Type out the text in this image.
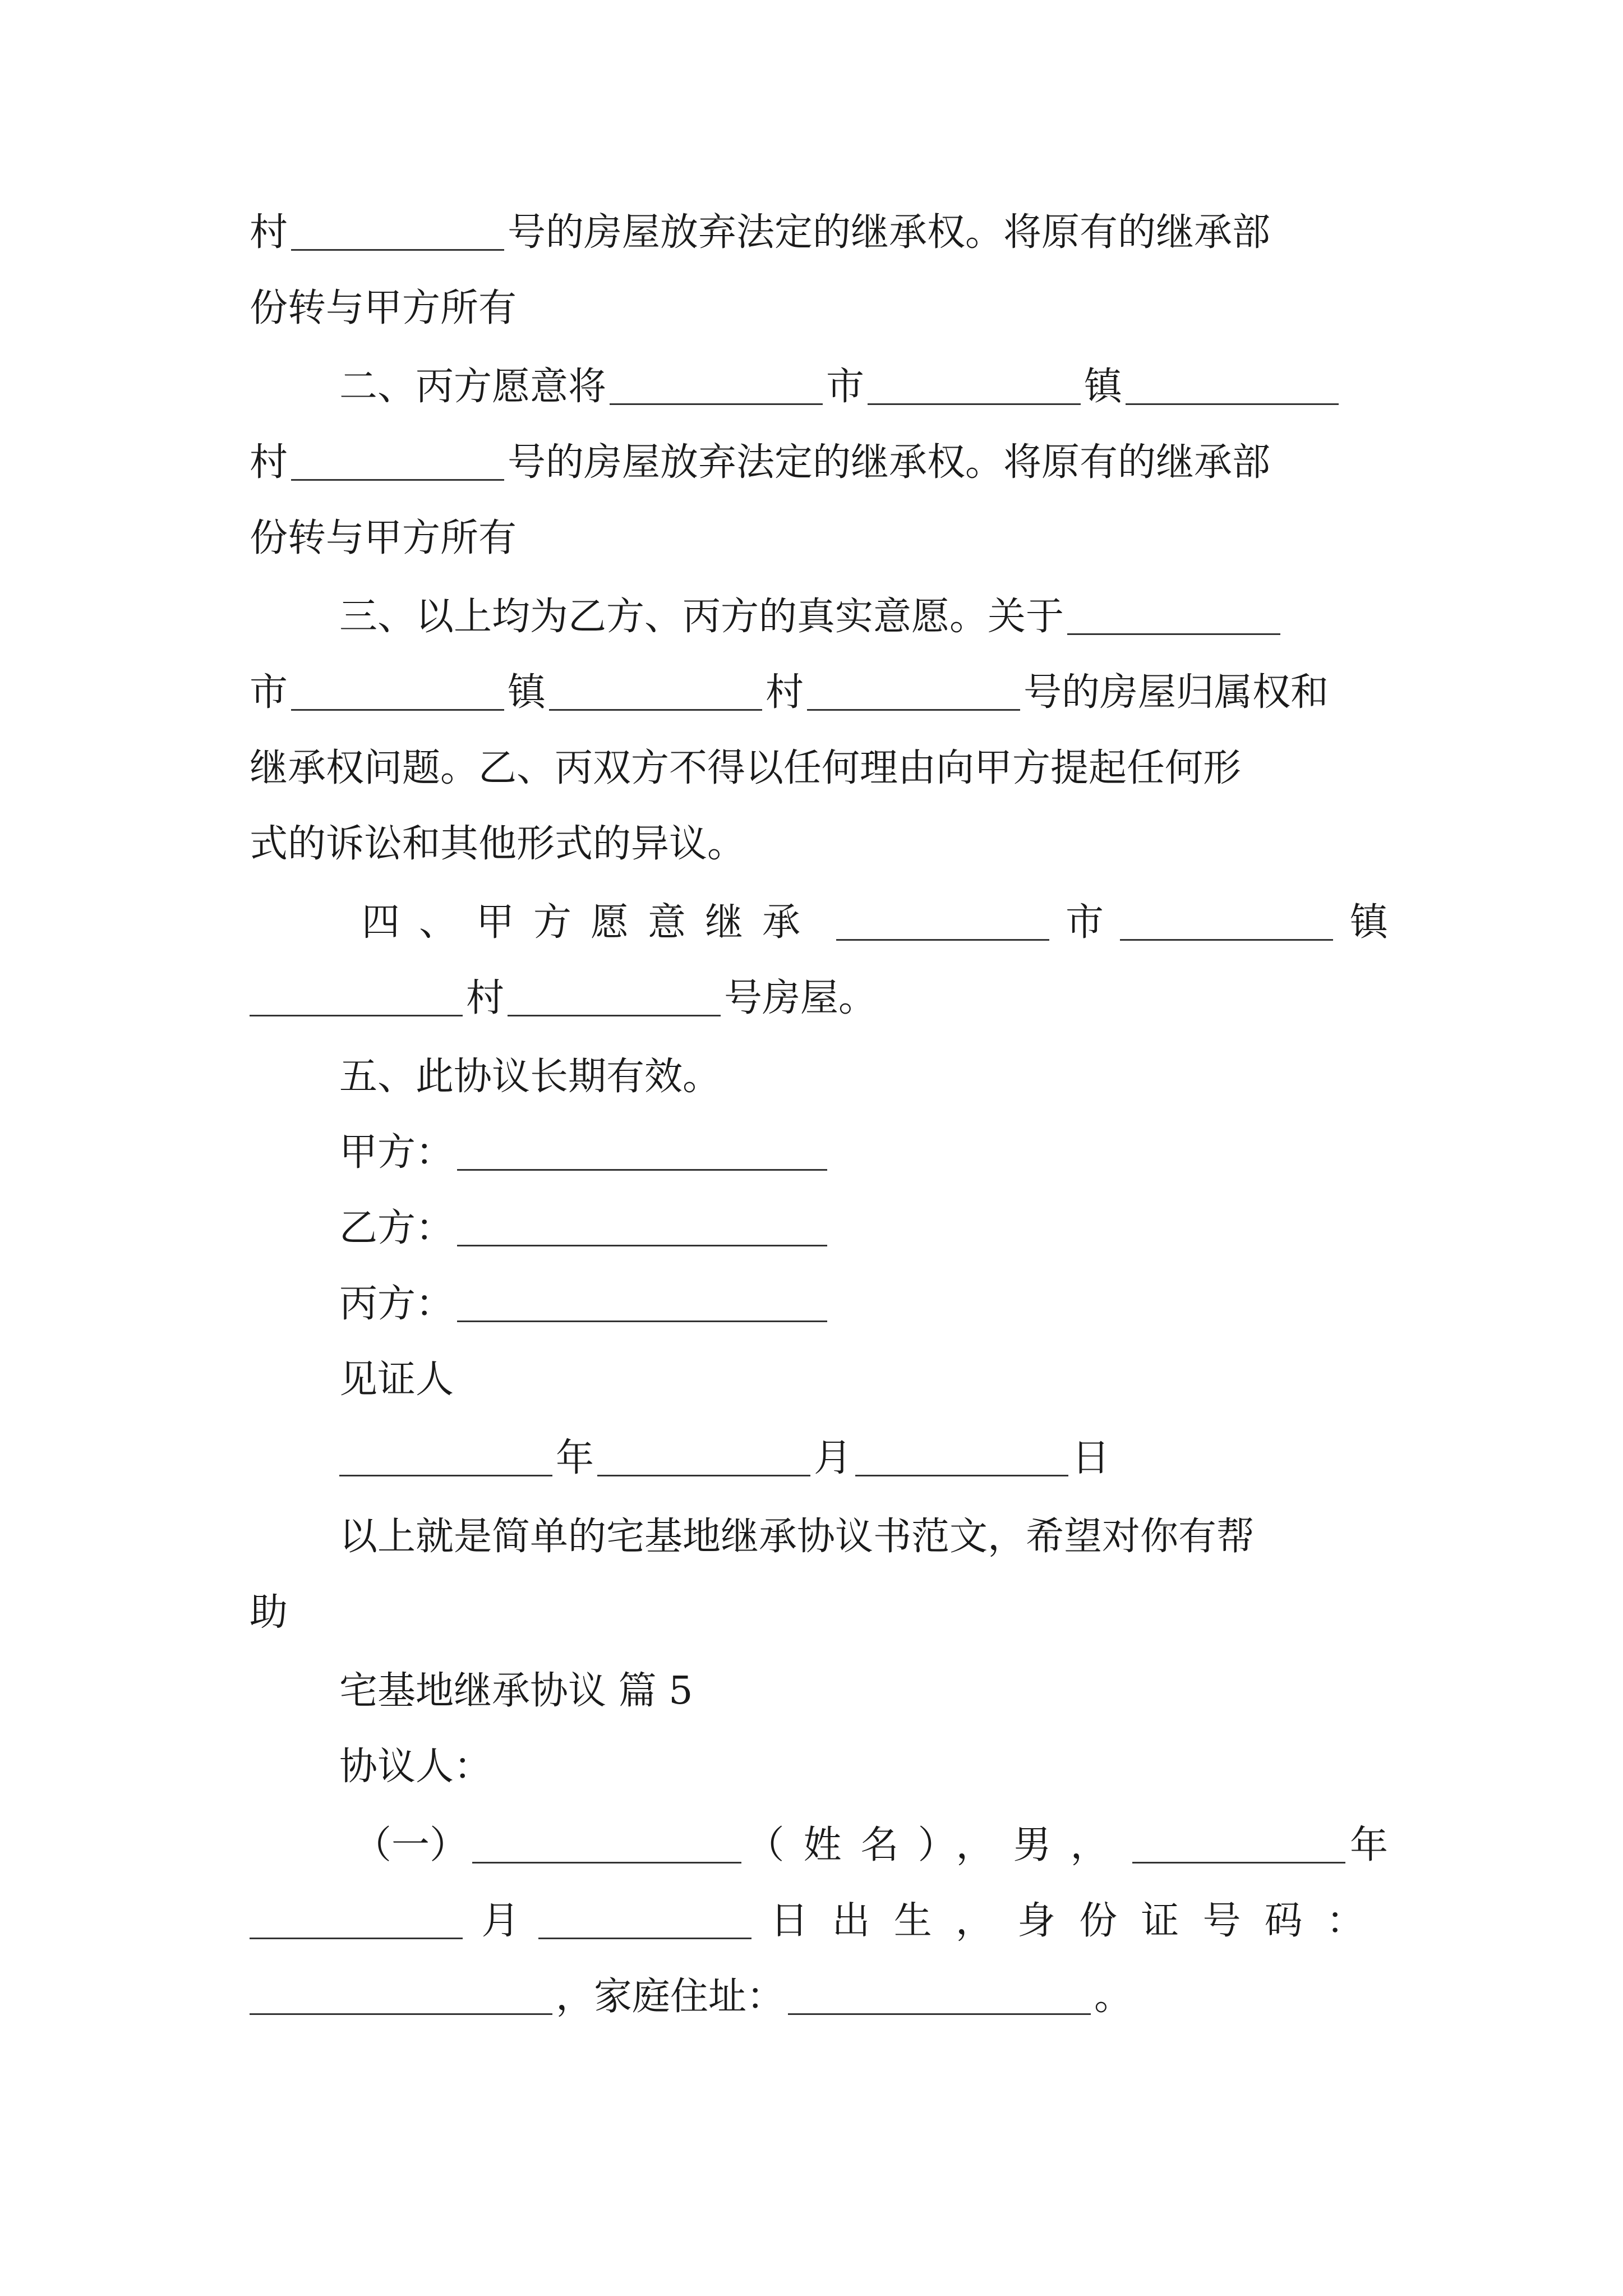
村	号的房屋放弃法定的继承权。将原有的继承部
份转与甲方所有
二、丙方愿意将	市	镇
村	号的房屋放弃法定的继承权。将原有的继承部
份转与甲方所有
三、以上均为乙方、丙方的真实意愿。关于
市	镇	村	号的房屋归属权和
继承权问题。乙、丙双方不得以任何理由向甲方提起任何形
式的诉讼和其他形式的异议。
四、甲方愿意继承	市	镇
村	号房屋。
五、此协议长期有效。
甲方：
乙方：
丙方：
见证人
年	月	日
以上就是简单的宅基地继承协议书范文，希望对你有帮
助
宅基地继承协议 篇 5
协议人：
（一）	（姓名），男，	年
月	日出生，身份证号码：
，家庭住址：	。
